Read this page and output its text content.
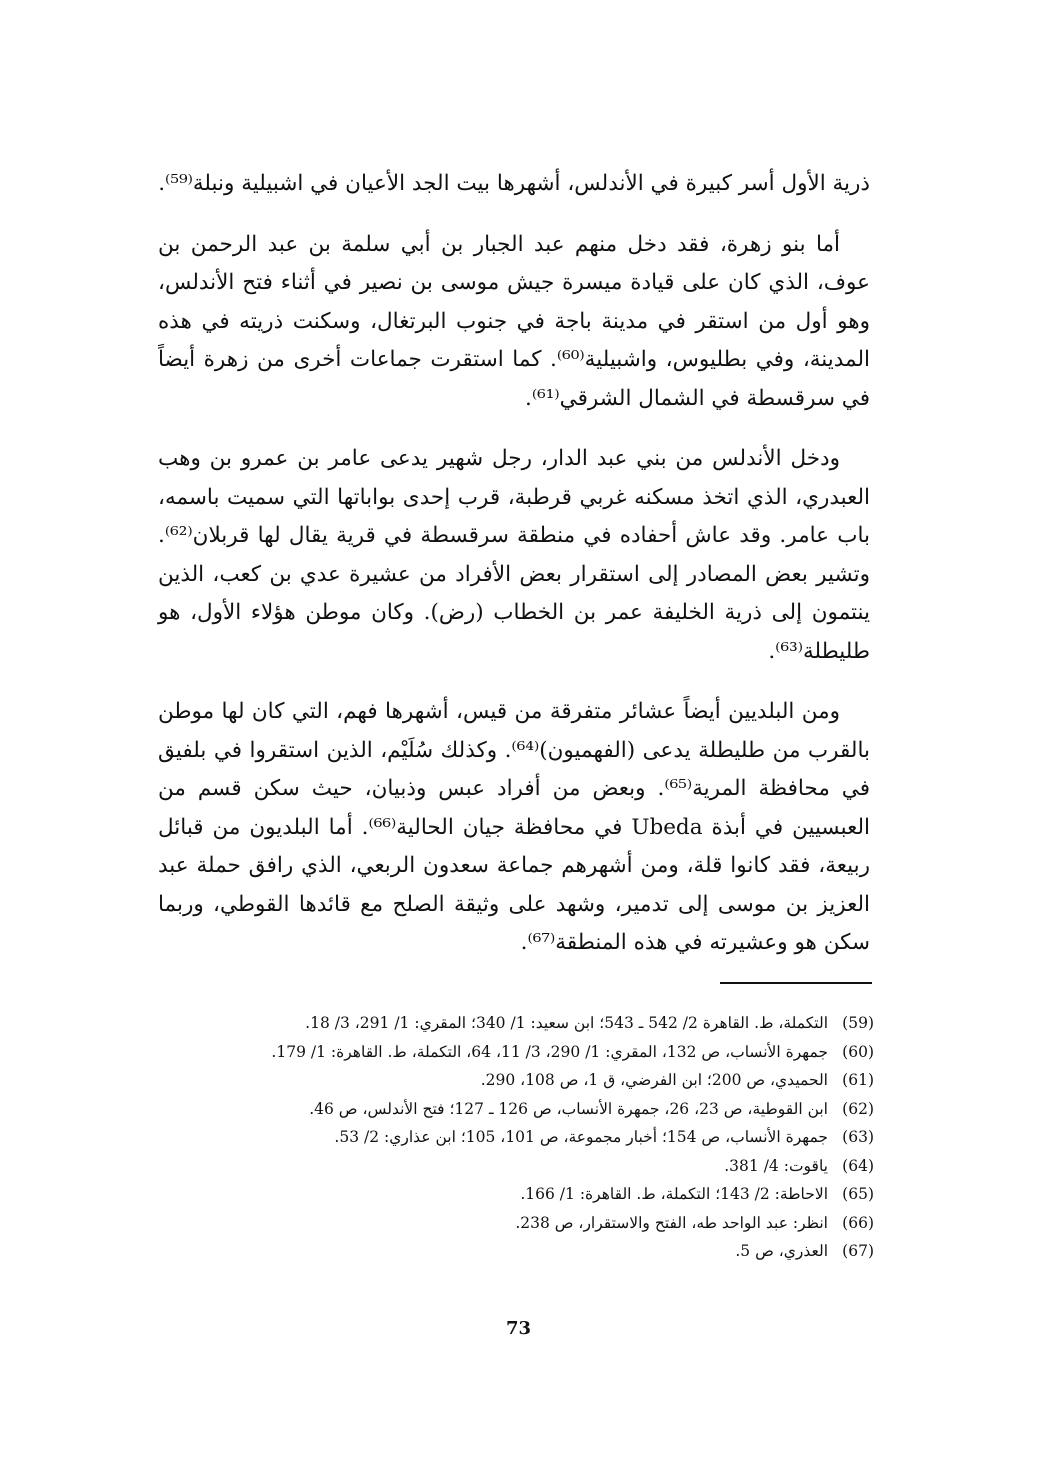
ذرية الأول أسر كبيرة في الأندلس، أشهرها بيت الجد الأعيان في اشبيلية ونبلة⁽⁵⁹⁾.

أما بنو زهرة، فقد دخل منهم عبد الجبار بن أبي سلمة بن عبد الرحمن بن عوف، الذي كان على قيادة ميسرة جيش موسى بن نصير في أثناء فتح الأندلس، وهو أول من استقر في مدينة باجة في جنوب البرتغال، وسكنت ذريته في هذه المدينة، وفي بطليوس، واشبيلية⁽⁶⁰⁾. كما استقرت جماعات أخرى من زهرة أيضاً في سرقسطة في الشمال الشرقي⁽⁶¹⁾.

ودخل الأندلس من بني عبد الدار، رجل شهير يدعى عامر بن عمرو بن وهب العبدري، الذي اتخذ مسكنه غربي قرطبة، قرب إحدى بواباتها التي سميت باسمه، باب عامر. وقد عاش أحفاده في منطقة سرقسطة في قرية يقال لها قربلان⁽⁶²⁾. وتشير بعض المصادر إلى استقرار بعض الأفراد من عشيرة عدي بن كعب، الذين ينتمون إلى ذرية الخليفة عمر بن الخطاب (رض). وكان موطن هؤلاء الأول، هو طليطلة⁽⁶³⁾.

ومن البلديين أيضاً عشائر متفرقة من قيس، أشهرها فهم، التي كان لها موطن بالقرب من طليطلة يدعى (الفهميون)⁽⁶⁴⁾. وكذلك سُلَيْم، الذين استقروا في بلفيق في محافظة المرية⁽⁶⁵⁾. وبعض من أفراد عبس وذبيان، حيث سكن قسم من العبسيين في أبذة Ubeda في محافظة جيان الحالية⁽⁶⁶⁾. أما البلديون من قبائل ربيعة، فقد كانوا قلة، ومن أشهرهم جماعة سعدون الربعي، الذي رافق حملة عبد العزيز بن موسى إلى تدمير، وشهد على وثيقة الصلح مع قائدها القوطي، وربما سكن هو وعشيرته في هذه المنطقة⁽⁶⁷⁾.

(59)
التكملة، ط. القاهرة 2/ 542 ـ 543؛ ابن سعيد: 1/ 340؛ المقري: 1/ 291، 3/ 18.
(60)
جمهرة الأنساب، ص 132، المقري: 1/ 290، 3/ 11، 64، التكملة، ط. القاهرة: 1/ 179.
(61)
الحميدي، ص 200؛ ابن الفرضي، ق 1، ص 108، 290.
(62)
ابن القوطية، ص 23، 26، جمهرة الأنساب، ص 126 ـ 127؛ فتح الأندلس، ص 46.
(63)
جمهرة الأنساب، ص 154؛ أخبار مجموعة، ص 101، 105؛ ابن عذاري: 2/ 53.
(64)
ياقوت: 4/ 381.
(65)
الاحاطة: 2/ 143؛ التكملة، ط. القاهرة: 1/ 166.
(66)
انظر: عبد الواحد طه، الفتح والاستقرار، ص 238.
(67)
العذري، ص 5.
73
